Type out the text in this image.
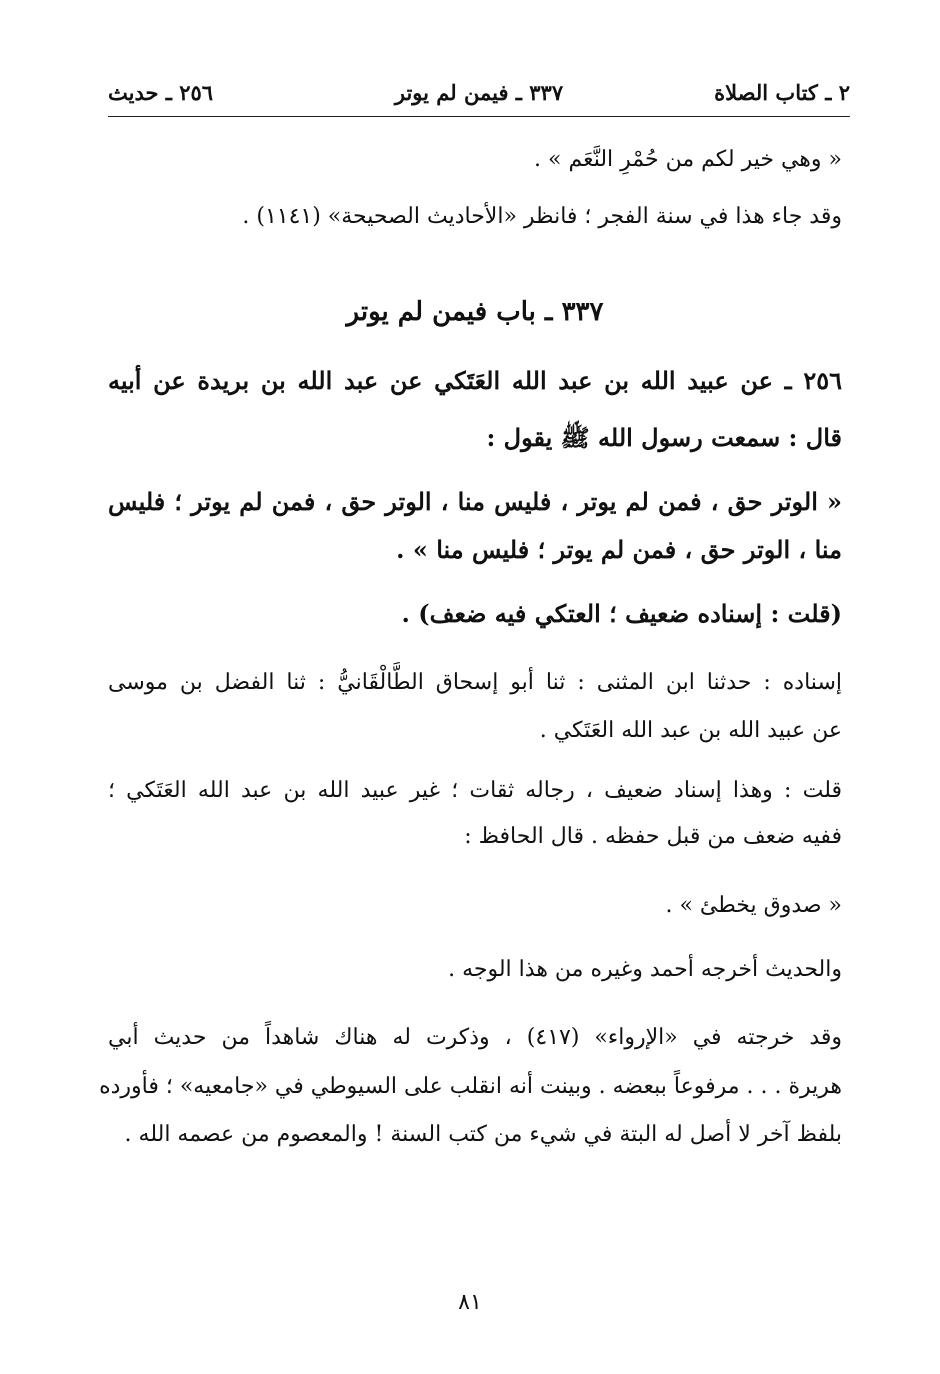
٢ ـ كتاب الصلاة
٣٣٧ ـ فيمن لم يوتر
٢٥٦ ـ حديث
« وهي خير لكم من حُمْرِ النَّعَم » .
وقد جاء هذا في سنة الفجر ؛ فانظر «الأحاديث الصحيحة» (١١٤١) .
٣٣٧ ـ باب فيمن لم يوتر
٢٥٦ ـ عن عبيد الله بن عبد الله العَتَكي عن عبد الله بن بريدة عن أبيه
قال : سمعت رسول الله ﷺ يقول :
« الوتر حق ، فمن لم يوتر ، فليس منا ، الوتر حق ، فمن لم يوتر ؛ فليس
منا ، الوتر حق ، فمن لم يوتر ؛ فليس منا » .
(قلت : إسناده ضعيف ؛ العتكي فيه ضعف) .
إسناده : حدثنا ابن المثنى : ثنا أبو إسحاق الطَّالْقَانيُّ : ثنا الفضل بن موسى
عن عبيد الله بن عبد الله العَتَكي .
قلت : وهذا إسناد ضعيف ، رجاله ثقات ؛ غير عبيد الله بن عبد الله العَتَكي ؛
ففيه ضعف من قبل حفظه . قال الحافظ :
« صدوق يخطئ » .
والحديث أخرجه أحمد وغيره من هذا الوجه .
وقد خرجته في «الإرواء» (٤١٧) ، وذكرت له هناك شاهداً من حديث أبي
هريرة . . . مرفوعاً ببعضه . وبينت أنه انقلب على السيوطي في «جامعيه» ؛ فأورده
بلفظ آخر لا أصل له البتة في شيء من كتب السنة ! والمعصوم من عصمه الله .
٨١
